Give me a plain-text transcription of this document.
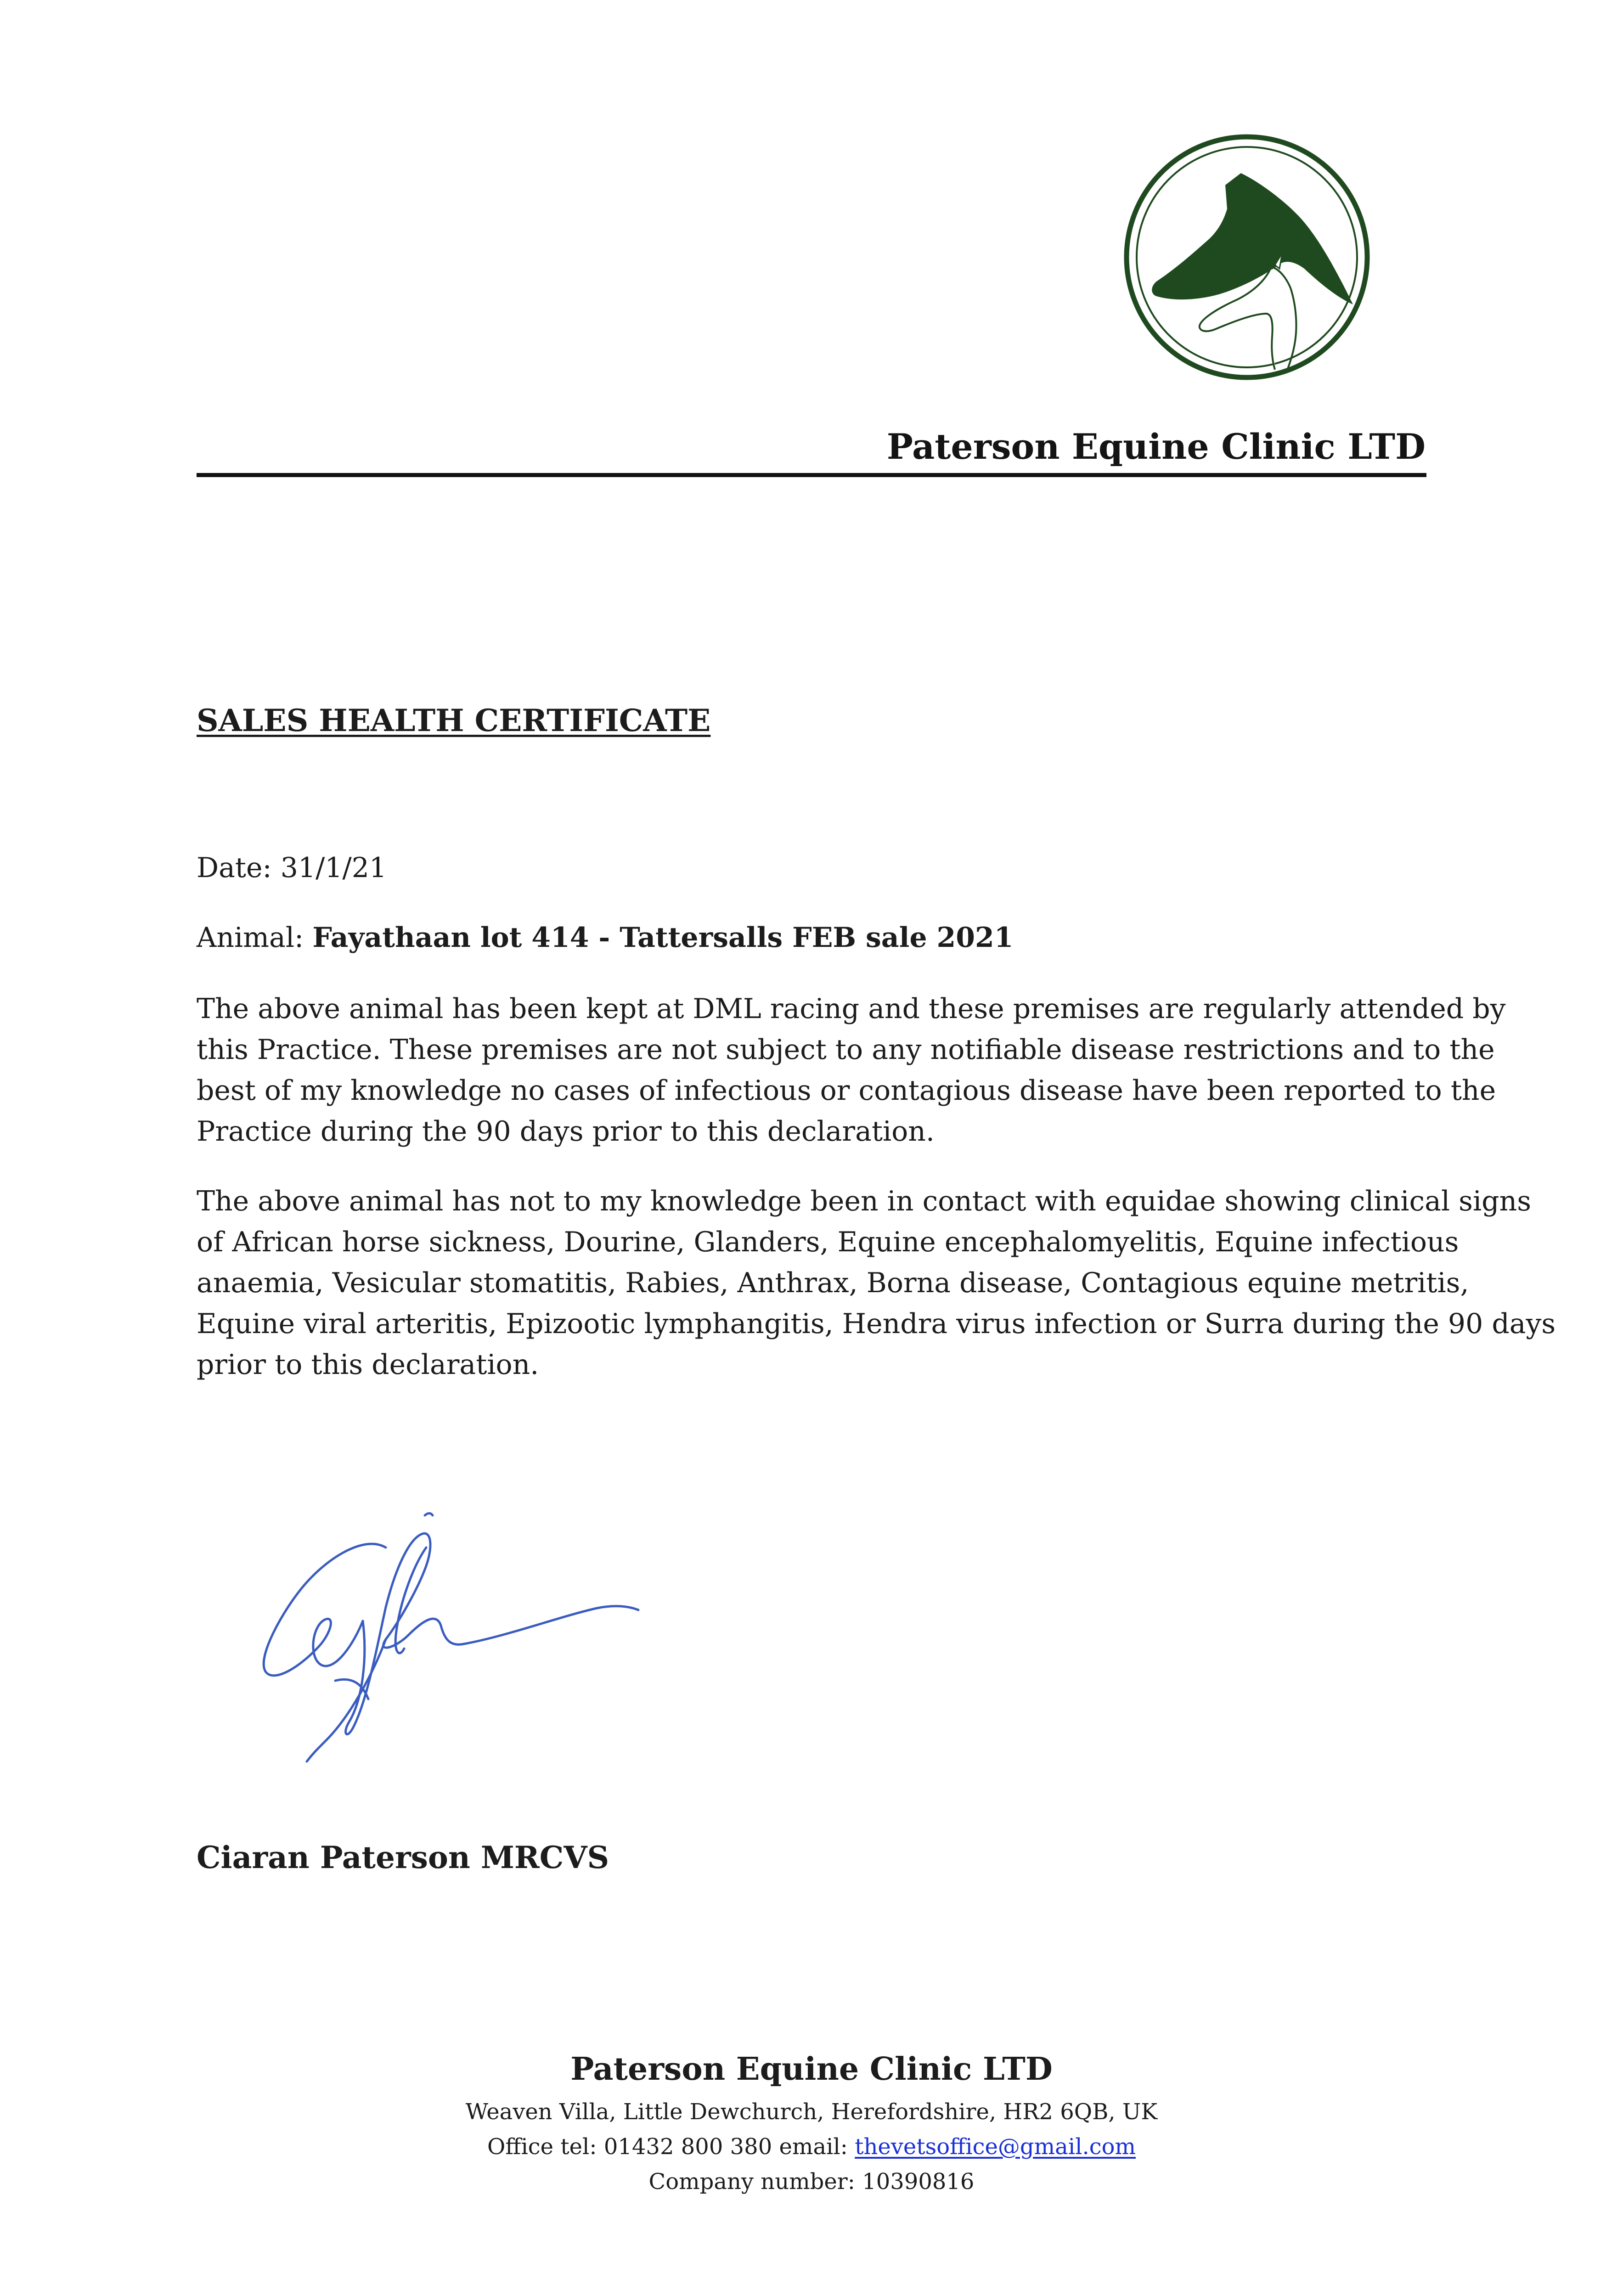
Paterson Equine Clinic LTD
SALES HEALTH CERTIFICATE
Date: 31/1/21
Animal: Fayathaan lot 414 - Tattersalls FEB sale 2021
The above animal has been kept at DML racing and these premises are regularly attended by
this Practice. These premises are not subject to any notifiable disease restrictions and to the
best of my knowledge no cases of infectious or contagious disease have been reported to the
Practice during the 90 days prior to this declaration.
The above animal has not to my knowledge been in contact with equidae showing clinical signs
of African horse sickness, Dourine, Glanders, Equine encephalomyelitis, Equine infectious
anaemia, Vesicular stomatitis, Rabies, Anthrax, Borna disease, Contagious equine metritis,
Equine viral arteritis, Epizootic lymphangitis, Hendra virus infection or Surra during the 90 days
prior to this declaration.
Ciaran Paterson MRCVS
Paterson Equine Clinic LTD
Weaven Villa, Little Dewchurch, Herefordshire, HR2 6QB, UK
Office tel: 01432 800 380 email: thevetsoffice@gmail.com
Company number: 10390816
